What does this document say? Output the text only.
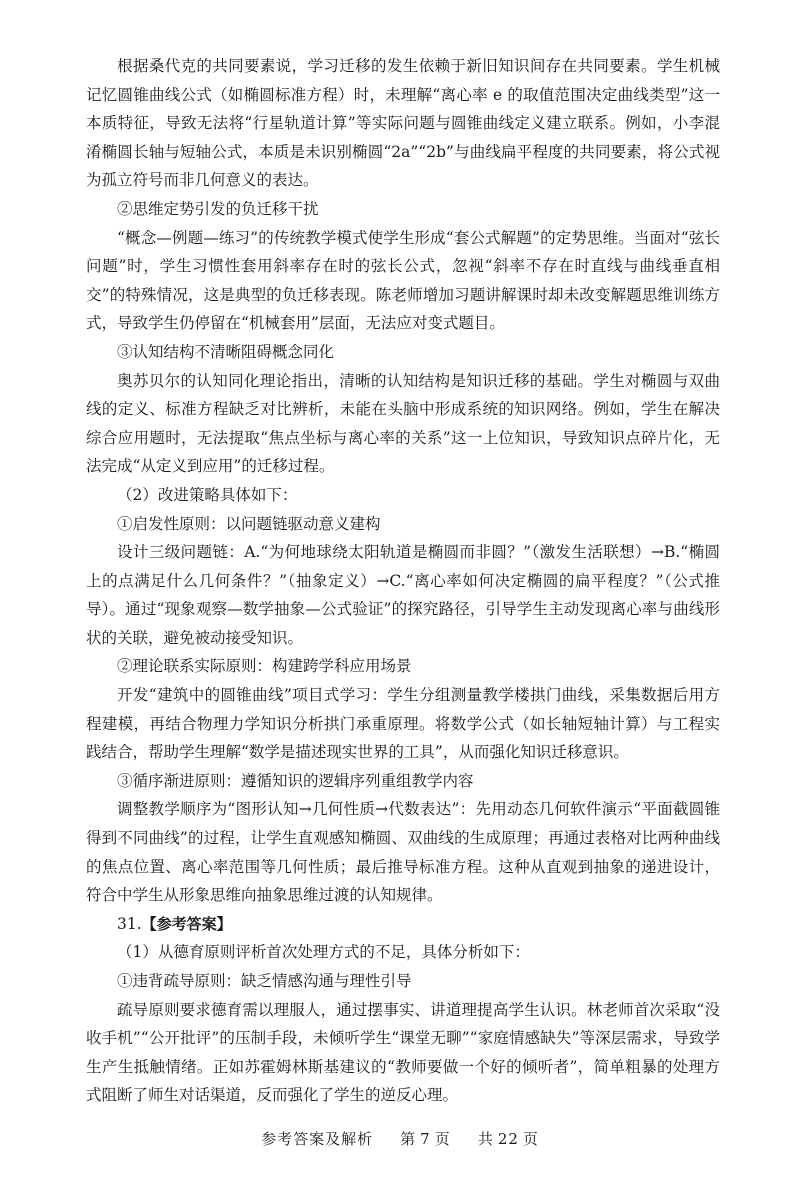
根据桑代克的共同要素说，学习迁移的发生依赖于新旧知识间存在共同要素。学生机械记忆圆锥曲线公式（如椭圆标准方程）时，未理解“离心率 e 的取值范围决定曲线类型”这一本质特征，导致无法将“行星轨道计算”等实际问题与圆锥曲线定义建立联系。例如，小李混淆椭圆长轴与短轴公式，本质是未识别椭圆“2a”“2b”与曲线扁平程度的共同要素，将公式视为孤立符号而非几何意义的表达。

②思维定势引发的负迁移干扰

“概念—例题—练习”的传统教学模式使学生形成“套公式解题”的定势思维。当面对“弦长问题”时，学生习惯性套用斜率存在时的弦长公式，忽视“斜率不存在时直线与曲线垂直相交”的特殊情况，这是典型的负迁移表现。陈老师增加习题讲解课时却未改变解题思维训练方式，导致学生仍停留在“机械套用”层面，无法应对变式题目。

③认知结构不清晰阻碍概念同化

奥苏贝尔的认知同化理论指出，清晰的认知结构是知识迁移的基础。学生对椭圆与双曲线的定义、标准方程缺乏对比辨析，未能在头脑中形成系统的知识网络。例如，学生在解决综合应用题时，无法提取“焦点坐标与离心率的关系”这一上位知识，导致知识点碎片化，无法完成“从定义到应用”的迁移过程。

（2）改进策略具体如下：

①启发性原则：以问题链驱动意义建构

设计三级问题链：A.“为何地球绕太阳轨道是椭圆而非圆？”（激发生活联想）→B.“椭圆上的点满足什么几何条件？”（抽象定义）→C.“离心率如何决定椭圆的扁平程度？”（公式推导）。通过“现象观察—数学抽象—公式验证”的探究路径，引导学生主动发现离心率与曲线形状的关联，避免被动接受知识。

②理论联系实际原则：构建跨学科应用场景

开发“建筑中的圆锥曲线”项目式学习：学生分组测量教学楼拱门曲线，采集数据后用方程建模，再结合物理力学知识分析拱门承重原理。将数学公式（如长轴短轴计算）与工程实践结合，帮助学生理解“数学是描述现实世界的工具”，从而强化知识迁移意识。

③循序渐进原则：遵循知识的逻辑序列重组教学内容

调整教学顺序为“图形认知→几何性质→代数表达”：先用动态几何软件演示“平面截圆锥得到不同曲线”的过程，让学生直观感知椭圆、双曲线的生成原理；再通过表格对比两种曲线的焦点位置、离心率范围等几何性质；最后推导标准方程。这种从直观到抽象的递进设计，符合中学生从形象思维向抽象思维过渡的认知规律。

31.【参考答案】

（1）从德育原则评析首次处理方式的不足，具体分析如下：

①违背疏导原则：缺乏情感沟通与理性引导

疏导原则要求德育需以理服人，通过摆事实、讲道理提高学生认识。林老师首次采取“没收手机”“公开批评”的压制手段，未倾听学生“课堂无聊”“家庭情感缺失”等深层需求，导致学生产生抵触情绪。正如苏霍姆林斯基建议的“教师要做一个好的倾听者”，简单粗暴的处理方式阻断了师生对话渠道，反而强化了学生的逆反心理。

参考答案及解析 第 7 页 共 22 页
